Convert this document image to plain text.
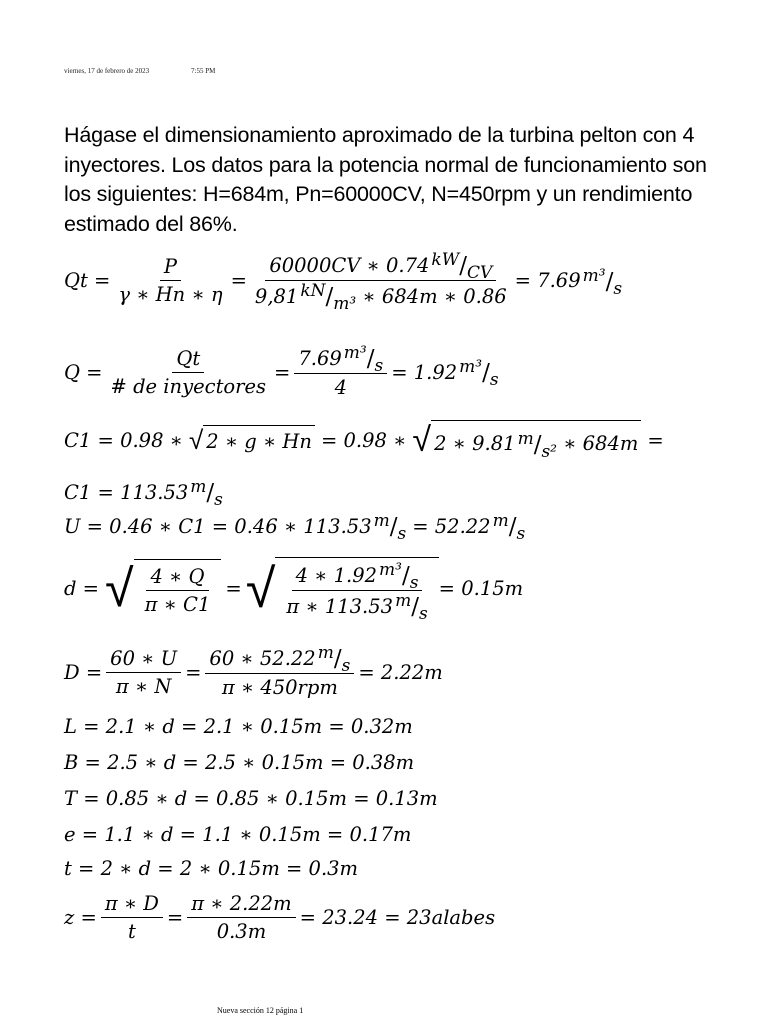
viernes, 17 de febrero de 2023	7:55 PM
Hágase el dimensionamiento aproximado de la turbina pelton con 4
inyectores. Los datos para la potencia normal de funcionamiento son
los siguientes: H=684m, Pn=60000CV, N=450rpm y un rendimiento
estimado del 86%.
$Qt = \frac{P}{\gamma ∗ Hn ∗ \eta} = \frac{60000CV ∗ 0.74 kW/CV}{\text{9,81 kN/m³ ∗ 684m ∗ 0.86}} = 7.69$ m³/s
$Q = \frac{Qt}{\text{\# de inyectores}} = \frac{\text{7.69 m³/s}}{4} = 1.92$ m³/s
C1 = 0.98 ∗ √ 2 ∗ g ∗ Hn = 0.98 ∗ √ 2 ∗ 9.81 m/s²
∗ 684m =
C1 = 113.53 m/s
U = 0.46 ∗ C1 = 0.46 ∗ 113.53 m/s = 52.22 m/s
d = √ $\frac{4 ∗ Q}{\pi ∗ C1}$ = √ $\frac{\text{4 ∗ 1.92 m³/s}}{\pi ∗ 113.53 m/s} = 0.15m$
$D = \frac{60 ∗ U}{\pi ∗ N} = \frac{60 ∗ 52.22 m/s}{\text{π ∗ 450rpm}} = 2.22m$
L = 2.1 ∗ d = 2.1 ∗ 0.15m = 0.32m
B = 2.5 ∗ d = 2.5 ∗ 0.15m = 0.38m
T = 0.85 ∗ d = 0.85 ∗ 0.15m = 0.13m
e = 1.1 ∗ d = 1.1 ∗ 0.15m = 0.17m
t = 2 ∗ d = 2 ∗ 0.15m = 0.3m
$z = \frac{\pi ∗ D}{t} = \frac{\pi ∗ 2.22m}{0.3m} = 23.24$ = 23alabes
Nueva sección 12 página 1
